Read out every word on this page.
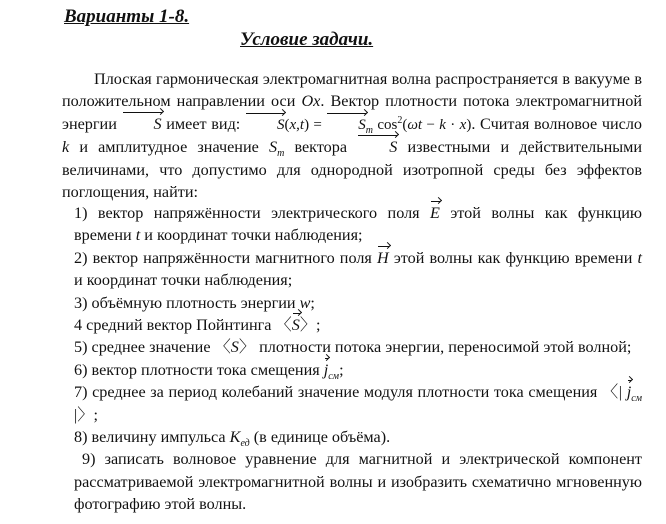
Варианты 1-8.
Условие задачи.

Плоская гармоническая электромагнитная волна распространяется в вакууме в положительном направлении оси Ox. Вектор плотности потока электромагнитной энергии S имеет вид: $S(x,t) = S_m$ $\cos^2(\omega t - k \cdot x)$. Считая волновое число k и амплитудное значение $S_m$ вектора	S известными и действительными величинами, что допустимо для однородной изотропной среды без эффектов поглощения, найти:

1) вектор напряжённости электрического поля E этой волны как функцию времени t и координат точки наблюдения;

2) вектор напряжённости магнитного поля H этой волны как функцию времени t и координат точки наблюдения;

3) объёмную плотность энергии w;

4 средний вектор Пойнтинга 〈S〉;

5) среднее значение 〈S〉 плотности потока энергии, переносимой этой волной;

6) вектор плотности тока смещения $j_{см}$;

7) среднее за период колебаний значение модуля плотности тока смещения 〈| $j_{см}$ |〉;

8) величину импульса $K_{ед}$ (в единице объёма).

9) записать волновое уравнение для магнитной и электрической компонент рассматриваемой электромагнитной волны и изобразить схематично мгновенную фотографию этой волны.
